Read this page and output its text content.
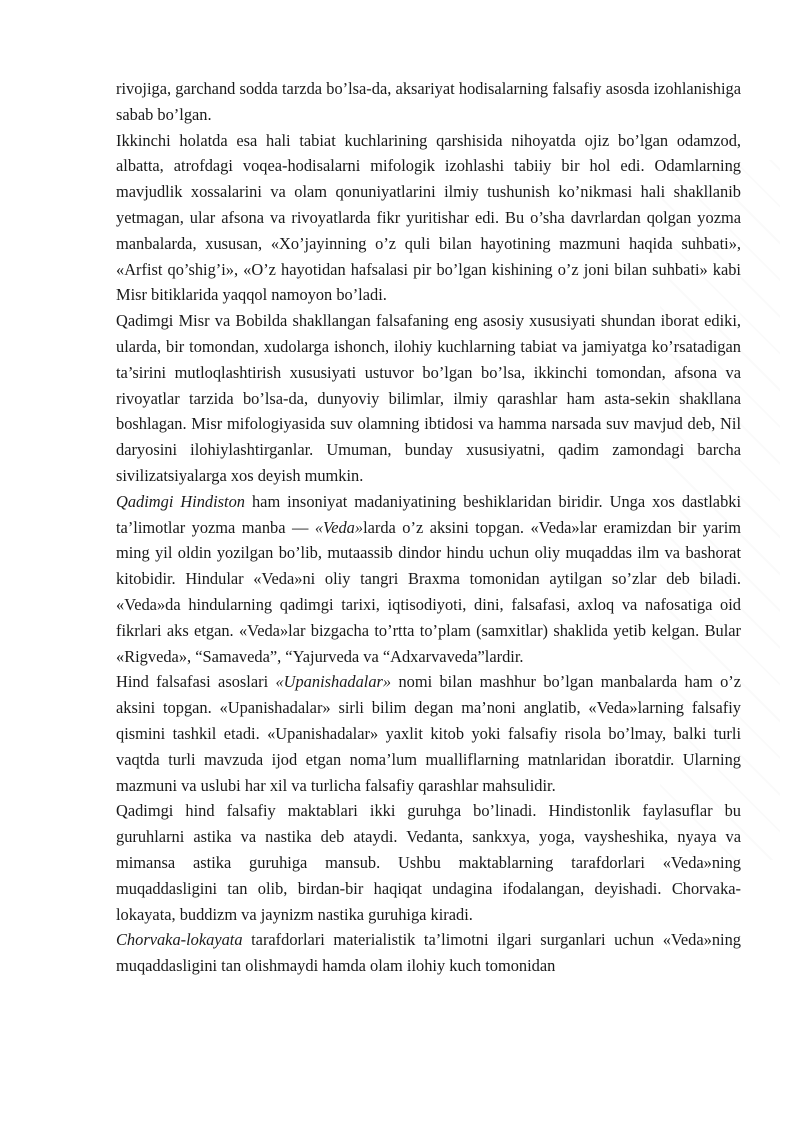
rivojiga, garchand sodda tarzda bo’lsa-da, aksariyat hodisalarning falsafiy asosda izohlanishiga sabab bo’lgan.

Ikkinchi holatda esa hali tabiat kuchlarining qarshisida nihoyatda ojiz bo’lgan odamzod, albatta, atrofdagi voqea-hodisalarni mifologik izohlashi tabiiy bir hol edi. Odamlarning mavjudlik xossalarini va olam qonuniyatlarini ilmiy tushunish ko’nikmasi hali shakllanib yetmagan, ular afsona va rivoyatlarda fikr yuritishar edi. Bu o’sha davrlardan qolgan yozma manbalarda, xususan, «Xo’jayinning o’z quli bilan hayotining mazmuni haqida suhbati», «Arfist qo’shig’i», «O’z hayotidan hafsalasi pir bo’lgan kishining o’z joni bilan suhbati» kabi Misr bitiklarida yaqqol namoyon bo’ladi.

Qadimgi Misr va Bobilda shakllangan falsafaning eng asosiy xususiyati shundan iborat ediki, ularda, bir tomondan, xudolarga ishonch, ilohiy kuchlarning tabiat va jamiyatga ko’rsatadigan ta’sirini mutloqlashtirish xususiyati ustuvor bo’lgan bo’lsa, ikkinchi tomondan, afsona va rivoyatlar tarzida bo’lsa-da, dunyoviy bilimlar, ilmiy qarashlar ham asta-sekin shakllana boshlagan. Misr mifologiyasida suv olamning ibtidosi va hamma narsada suv mavjud deb, Nil daryosini ilohiylashtirganlar. Umuman, bunday xususiyatni, qadim zamondagi barcha sivilizatsiyalarga xos deyish mumkin.

Qadimgi Hindiston ham insoniyat madaniyatining beshiklaridan biridir. Unga xos dastlabki ta’limotlar yozma manba — «Veda»larda o’z aksini topgan. «Veda»lar eramizdan bir yarim ming yil oldin yozilgan bo’lib, mutaassib dindor hindu uchun oliy muqaddas ilm va bashorat kitobidir. Hindular «Veda»ni oliy tangri Braxma tomonidan aytilgan so’zlar deb biladi. «Veda»da hindularning qadimgi tarixi, iqtisodiyoti, dini, falsafasi, axloq va nafosatiga oid fikrlari aks etgan. «Veda»lar bizgacha to’rtta to’plam (samxitlar) shaklida yetib kelgan. Bular «Rigveda», “Samaveda”, “Yajurveda va “Adxarvaveda”lardir.

Hind falsafasi asoslari «Upanishadalar» nomi bilan mashhur bo’lgan manbalarda ham o’z aksini topgan. «Upanishadalar» sirli bilim degan ma’noni anglatib, «Veda»larning falsafiy qismini tashkil etadi. «Upanishadalar» yaxlit kitob yoki falsafiy risola bo’lmay, balki turli vaqtda turli mavzuda ijod etgan noma’lum mualliflarning matnlaridan iboratdir. Ularning mazmuni va uslubi har xil va turlicha falsafiy qarashlar mahsulidir.

Qadimgi hind falsafiy maktablari ikki guruhga bo’linadi. Hindistonlik faylasuflar bu guruhlarni astika va nastika deb ataydi. Vedanta, sankxya, yoga, vaysheshika, nyaya va mimansa astika guruhiga mansub. Ushbu maktablarning tarafdorlari «Veda»ning muqaddasligini tan olib, birdan-bir haqiqat undagina ifodalangan, deyishadi. Chorvaka-lokayata, buddizm va jaynizm nastika guruhiga kiradi.

Chorvaka-lokayata tarafdorlari materialistik ta’limotni ilgari surganlari uchun «Veda»ning muqaddasligini tan olishmaydi hamda olam ilohiy kuch tomonidan
